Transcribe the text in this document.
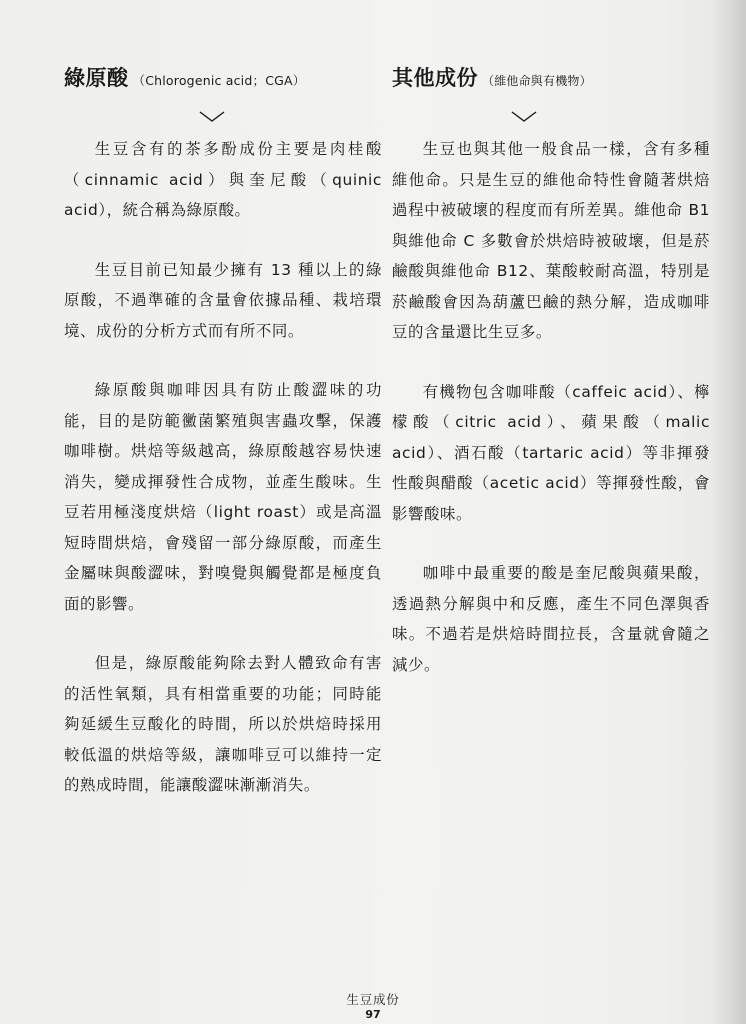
綠原酸 （Chlorogenic acid；CGA）

生豆含有的茶多酚成份主要是肉桂酸（cinnamic acid）與奎尼酸（quinic acid），統合稱為綠原酸。

生豆目前已知最少擁有 13 種以上的綠原酸，不過準確的含量會依據品種、栽培環境、成份的分析方式而有所不同。

綠原酸與咖啡因具有防止酸澀味的功能，目的是防範黴菌繁殖與害蟲攻擊，保護咖啡樹。烘焙等級越高，綠原酸越容易快速消失，變成揮發性合成物，並產生酸味。生豆若用極淺度烘焙（light roast）或是高溫短時間烘焙，會殘留一部分綠原酸，而產生金屬味與酸澀味，對嗅覺與觸覺都是極度負面的影響。

但是，綠原酸能夠除去對人體致命有害的活性氧類，具有相當重要的功能；同時能夠延緩生豆酸化的時間，所以於烘焙時採用較低溫的烘焙等級，讓咖啡豆可以維持一定的熟成時間，能讓酸澀味漸漸消失。

其他成份 （維他命與有機物）

生豆也與其他一般食品一樣，含有多種維他命。只是生豆的維他命特性會隨著烘焙過程中被破壞的程度而有所差異。維他命 B1 與維他命 C 多數會於烘焙時被破壞，但是菸鹼酸與維他命 B12、葉酸較耐高溫，特別是菸鹼酸會因為葫蘆巴鹼的熱分解，造成咖啡豆的含量還比生豆多。

有機物包含咖啡酸（caffeic acid）、檸檬酸（citric acid）、蘋果酸（malic acid）、酒石酸（tartaric acid）等非揮發性酸與醋酸（acetic acid）等揮發性酸，會影響酸味。

咖啡中最重要的酸是奎尼酸與蘋果酸，透過熱分解與中和反應，產生不同色澤與香味。不過若是烘焙時間拉長，含量就會隨之減少。

生豆成份
97
